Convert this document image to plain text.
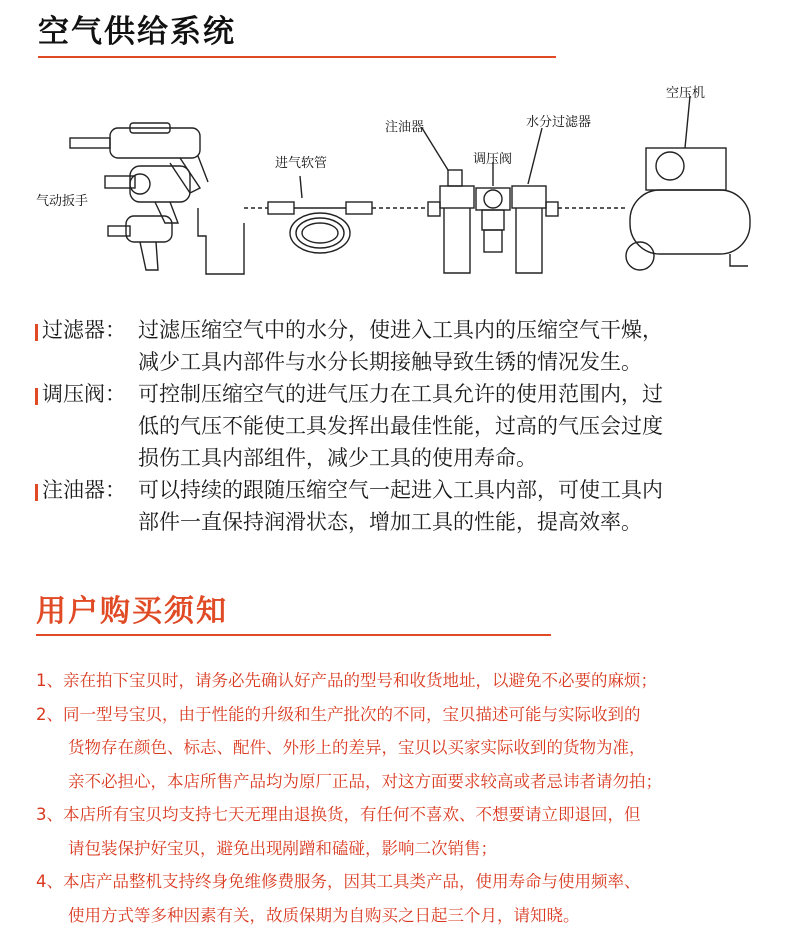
空气供给系统
气动扳手
进气软管
注油器
调压阀
水分过滤器
空压机
过滤器： 过滤压缩空气中的水分，使进入工具内的压缩空气干燥，
减少工具内部件与水分长期接触导致生锈的情况发生。
调压阀： 可控制压缩空气的进气压力在工具允许的使用范围内，过
低的气压不能使工具发挥出最佳性能，过高的气压会过度
损伤工具内部组件，减少工具的使用寿命。
注油器： 可以持续的跟随压缩空气一起进入工具内部，可使工具内
部件一直保持润滑状态，增加工具的性能，提高效率。
用户购买须知
1、亲在拍下宝贝时，请务必先确认好产品的型号和收货地址，以避免不必要的麻烦；
2、同一型号宝贝，由于性能的升级和生产批次的不同，宝贝描述可能与实际收到的
货物存在颜色、标志、配件、外形上的差异，宝贝以买家实际收到的货物为准，
亲不必担心，本店所售产品均为原厂正品，对这方面要求较高或者忌讳者请勿拍；
3、本店所有宝贝均支持七天无理由退换货，有任何不喜欢、不想要请立即退回，但
请包装保护好宝贝，避免出现剐蹭和磕碰，影响二次销售；
4、本店产品整机支持终身免维修费服务，因其工具类产品，使用寿命与使用频率、
使用方式等多种因素有关，故质保期为自购买之日起三个月，请知晓。
